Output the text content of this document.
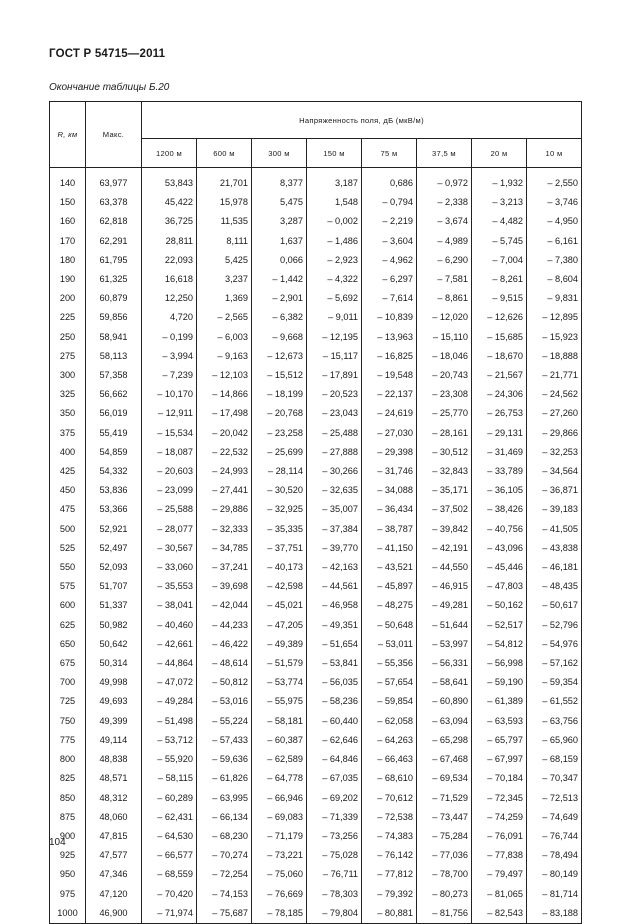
ГОСТ Р 54715—2011
Окончание таблицы Б.20
R, км	Макс.	Напряженность поля, дБ (мкВ/м)							
		1200 м	600 м	300 м	150 м	75 м	37,5 м	20 м	10 м

140	63,977	53,843	21,701	8,377	3,187	0,686	– 0,972	– 1,932	– 2,550
150	63,378	45,422	15,978	5,475	1,548	– 0,794	– 2,338	– 3,213	– 3,746
160	62,818	36,725	11,535	3,287	– 0,002	– 2,219	– 3,674	– 4,482	– 4,950
170	62,291	28,811	8,111	1,637	– 1,486	– 3,604	– 4,989	– 5,745	– 6,161
180	61,795	22,093	5,425	0,066	– 2,923	– 4,962	– 6,290	– 7,004	– 7,380
190	61,325	16,618	3,237	– 1,442	– 4,322	– 6,297	– 7,581	– 8,261	– 8,604
200	60,879	12,250	1,369	– 2,901	– 5,692	– 7,614	– 8,861	– 9,515	– 9,831
225	59,856	4,720	– 2,565	– 6,382	– 9,011	– 10,839	– 12,020	– 12,626	– 12,895
250	58,941	– 0,199	– 6,003	– 9,668	– 12,195	– 13,963	– 15,110	– 15,685	– 15,923
275	58,113	– 3,994	– 9,163	– 12,673	– 15,117	– 16,825	– 18,046	– 18,670	– 18,888
300	57,358	– 7,239	– 12,103	– 15,512	– 17,891	– 19,548	– 20,743	– 21,567	– 21,771
325	56,662	– 10,170	– 14,866	– 18,199	– 20,523	– 22,137	– 23,308	– 24,306	– 24,562
350	56,019	– 12,911	– 17,498	– 20,768	– 23,043	– 24,619	– 25,770	– 26,753	– 27,260
375	55,419	– 15,534	– 20,042	– 23,258	– 25,488	– 27,030	– 28,161	– 29,131	– 29,866
400	54,859	– 18,087	– 22,532	– 25,699	– 27,888	– 29,398	– 30,512	– 31,469	– 32,253
425	54,332	– 20,603	– 24,993	– 28,114	– 30,266	– 31,746	– 32,843	– 33,789	– 34,564
450	53,836	– 23,099	– 27,441	– 30,520	– 32,635	– 34,088	– 35,171	– 36,105	– 36,871
475	53,366	– 25,588	– 29,886	– 32,925	– 35,007	– 36,434	– 37,502	– 38,426	– 39,183
500	52,921	– 28,077	– 32,333	– 35,335	– 37,384	– 38,787	– 39,842	– 40,756	– 41,505
525	52,497	– 30,567	– 34,785	– 37,751	– 39,770	– 41,150	– 42,191	– 43,096	– 43,838
550	52,093	– 33,060	– 37,241	– 40,173	– 42,163	– 43,521	– 44,550	– 45,446	– 46,181
575	51,707	– 35,553	– 39,698	– 42,598	– 44,561	– 45,897	– 46,915	– 47,803	– 48,435
600	51,337	– 38,041	– 42,044	– 45,021	– 46,958	– 48,275	– 49,281	– 50,162	– 50,617
625	50,982	– 40,460	– 44,233	– 47,205	– 49,351	– 50,648	– 51,644	– 52,517	– 52,796
650	50,642	– 42,661	– 46,422	– 49,389	– 51,654	– 53,011	– 53,997	– 54,812	– 54,976
675	50,314	– 44,864	– 48,614	– 51,579	– 53,841	– 55,356	– 56,331	– 56,998	– 57,162
700	49,998	– 47,072	– 50,812	– 53,774	– 56,035	– 57,654	– 58,641	– 59,190	– 59,354
725	49,693	– 49,284	– 53,016	– 55,975	– 58,236	– 59,854	– 60,890	– 61,389	– 61,552
750	49,399	– 51,498	– 55,224	– 58,181	– 60,440	– 62,058	– 63,094	– 63,593	– 63,756
775	49,114	– 53,712	– 57,433	– 60,387	– 62,646	– 64,263	– 65,298	– 65,797	– 65,960
800	48,838	– 55,920	– 59,636	– 62,589	– 64,846	– 66,463	– 67,468	– 67,997	– 68,159
825	48,571	– 58,115	– 61,826	– 64,778	– 67,035	– 68,610	– 69,534	– 70,184	– 70,347
850	48,312	– 60,289	– 63,995	– 66,946	– 69,202	– 70,612	– 71,529	– 72,345	– 72,513
875	48,060	– 62,431	– 66,134	– 69,083	– 71,339	– 72,538	– 73,447	– 74,259	– 74,649
900	47,815	– 64,530	– 68,230	– 71,179	– 73,256	– 74,383	– 75,284	– 76,091	– 76,744
925	47,577	– 66,577	– 70,274	– 73,221	– 75,028	– 76,142	– 77,036	– 77,838	– 78,494
950	47,346	– 68,559	– 72,254	– 75,060	– 76,711	– 77,812	– 78,700	– 79,497	– 80,149
975	47,120	– 70,420	– 74,153	– 76,669	– 78,303	– 79,392	– 80,273	– 81,065	– 81,714
1000	46,900	– 71,974	– 75,687	– 78,185	– 79,804	– 80,881	– 81,756	– 82,543	– 83,188
104
